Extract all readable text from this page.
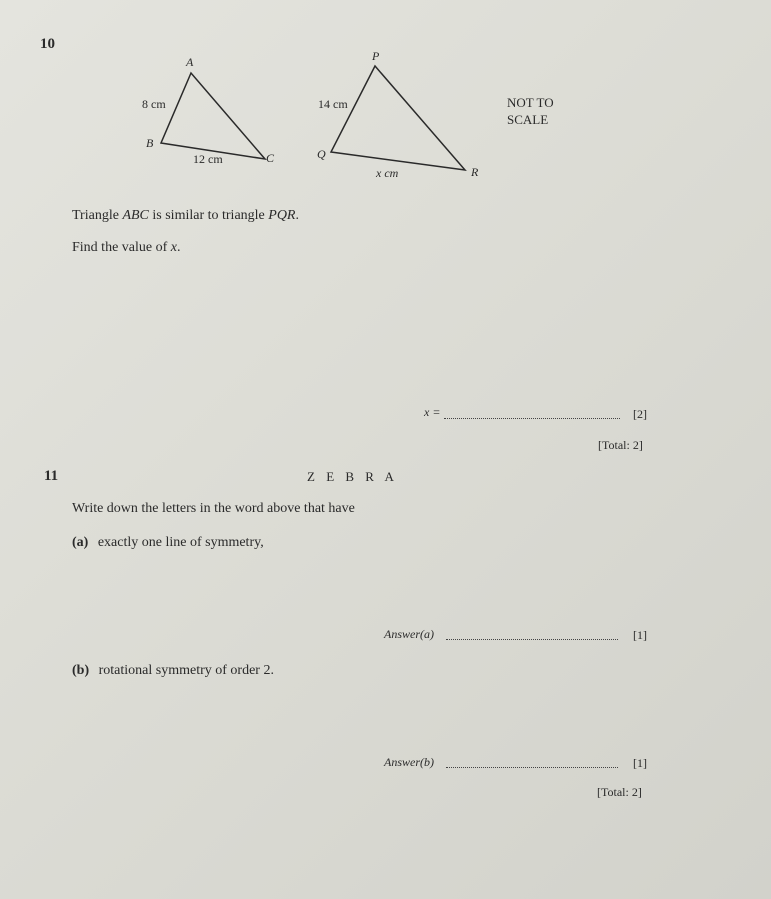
10
A
B
C
8 cm
12 cm
P
Q
R
14 cm
x cm
NOT TO
SCALE
Triangle ABC is similar to triangle PQR.
Find the value of x.
x =	[2]
[Total: 2]
11	Z E B R A
Write down the letters in the word above that have
(a) exactly one line of symmetry,
Answer(a)	[1]
(b) rotational symmetry of order 2.
Answer(b)	[1]
[Total: 2]
